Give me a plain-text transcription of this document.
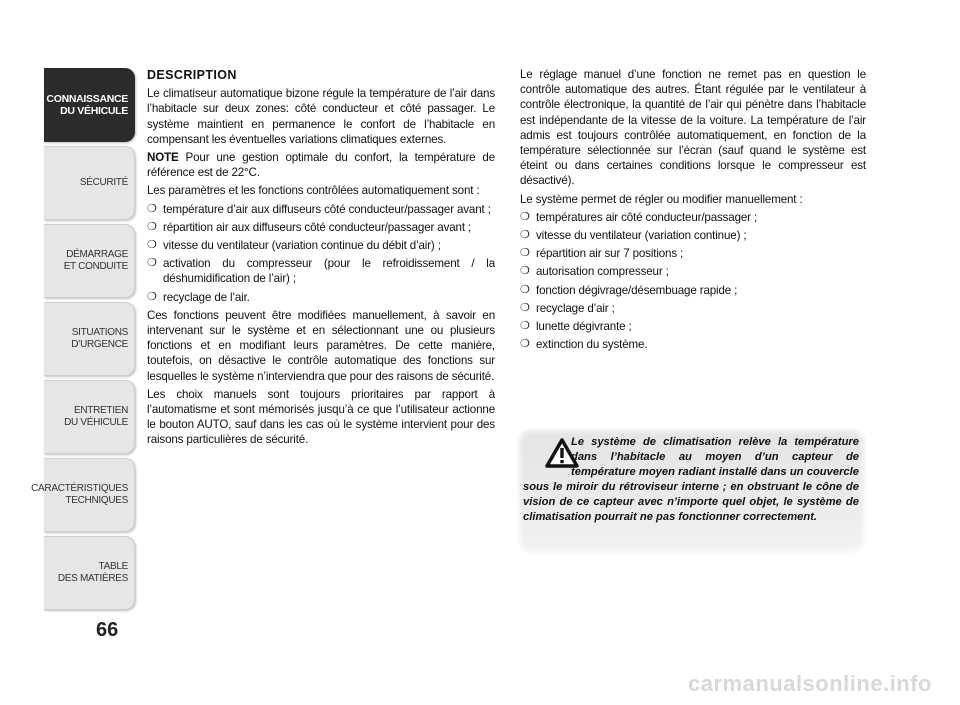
CONNAISSANCE
DU VÉHICULE
SÉCURITÉ
DÉMARRAGE
ET CONDUITE
SITUATIONS
D’URGENCE
ENTRETIEN
DU VÉHICULE
CARACTÉRISTIQUES
TECHNIQUES
TABLE
DES MATIÈRES
66

DESCRIPTION

Le climatiseur automatique bizone régule la température de l’air dans l’habitacle sur deux zones: côté conducteur et côté passager. Le système maintient en permanence le confort de l’habitacle en compensant les éventuelles variations climatiques externes.

NOTE Pour une gestion optimale du confort, la température de référence est de 22°C.

Les paramètres et les fonctions contrôlées automatiquement sont :

❍ température d’air aux diffuseurs côté conducteur/passager avant ;
❍ répartition air aux diffuseurs côté conducteur/passager avant ;
❍ vitesse du ventilateur (variation continue du débit d’air) ;
❍ activation du compresseur (pour le refroidissement / la déshumidification de l’air) ;
❍ recyclage de l’air.

Ces fonctions peuvent être modifiées manuellement, à savoir en intervenant sur le système et en sélectionnant une ou plusieurs fonctions et en modifiant leurs paramètres. De cette manière, toutefois, on désactive le contrôle automatique des fonctions sur lesquelles le système n’interviendra que pour des raisons de sécurité.

Les choix manuels sont toujours prioritaires par rapport à l’automatisme et sont mémorisés jusqu’à ce que l’utilisateur actionne le bouton AUTO, sauf dans les cas où le système intervient pour des raisons particulières de sécurité.

Le réglage manuel d’une fonction ne remet pas en question le contrôle automatique des autres. Étant régulée par le ventilateur à contrôle électronique, la quantité de l’air qui pénètre dans l’habitacle est indépendante de la vitesse de la voiture. La température de l’air admis est toujours contrôlée automatiquement, en fonction de la température sélectionnée sur l’écran (sauf quand le système est éteint ou dans certaines conditions lorsque le compresseur est désactivé).

Le système permet de régler ou modifier manuellement :

❍ températures air côté conducteur/passager ;
❍ vitesse du ventilateur (variation continue) ;
❍ répartition air sur 7 positions ;
❍ autorisation compresseur ;
❍ fonction dégivrage/désembuage rapide ;
❍ recyclage d’air ;
❍ lunette dégivrante ;
❍ extinction du système.
Le système de climatisation relève la température dans l’habitacle au moyen d’un capteur de température moyen radiant installé dans un couvercle sous le miroir du rétroviseur interne ; en obstruant le cône de vision de ce capteur avec n’importe quel objet, le système de climatisation pourrait ne pas fonctionner correctement.
carmanualsonline.info
